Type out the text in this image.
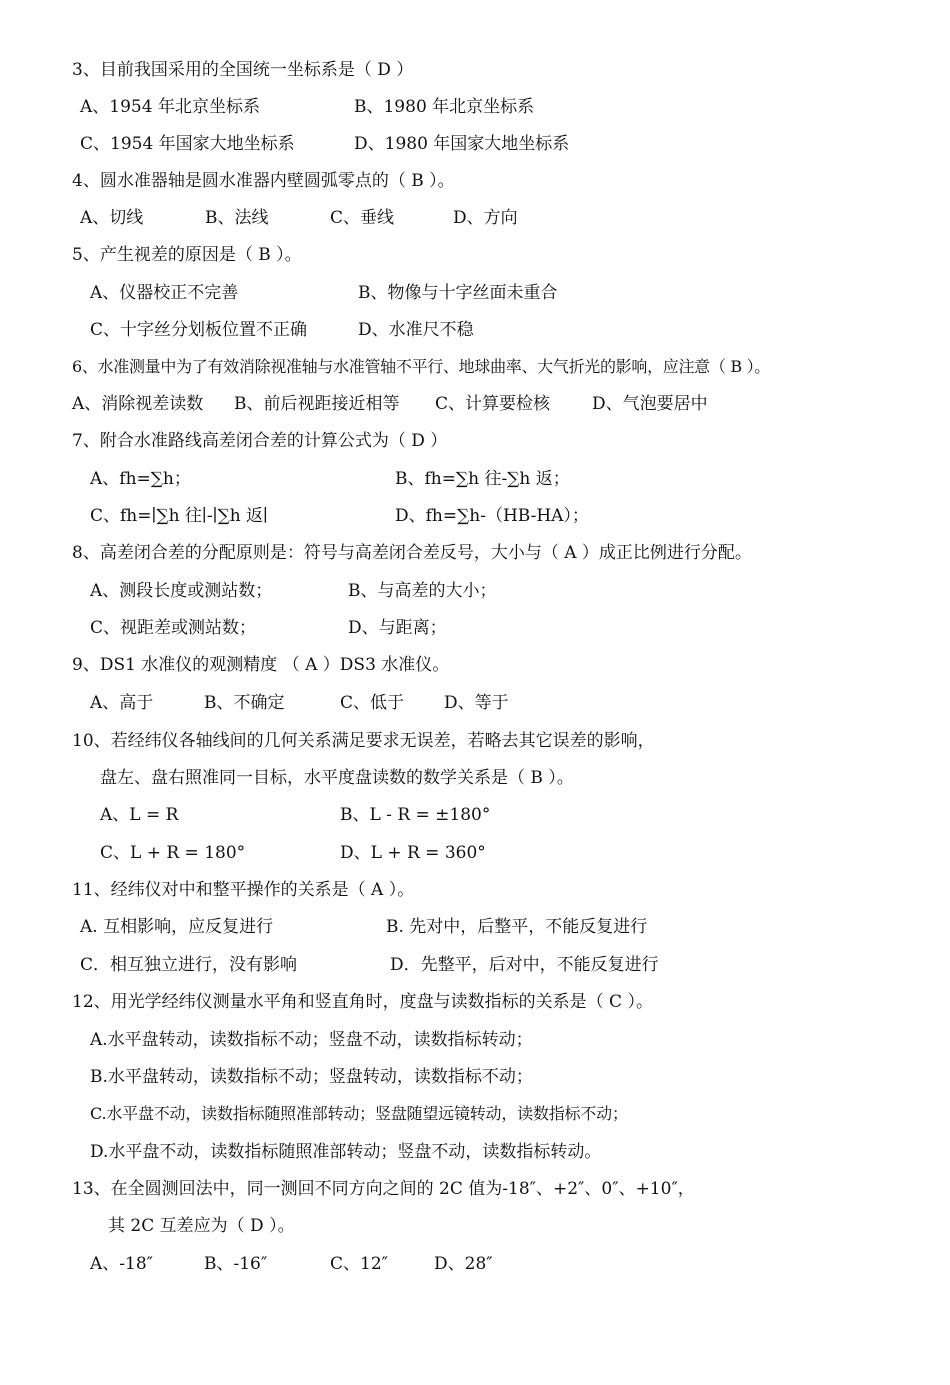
3、目前我国采用的全国统一坐标系是（ D ）

A、1954 年北京坐标系

	B、1980 年北京坐标系

C、1954 年国家大地坐标系

	D、1980 年国家大地坐标系

4、圆水准器轴是圆水准器内壁圆弧零点的（ B ）。

A、切线

	B、法线

	C、垂线

	D、方向

5、产生视差的原因是（ B ）。

A、仪器校正不完善

	B、物像与十字丝面未重合

C、十字丝分划板位置不正确

	D、水准尺不稳

6、水准测量中为了有效消除视准轴与水准管轴不平行、地球曲率、大气折光的影响，应注意（ B ）。

A、消除视差读数

B、前后视距接近相等

C、计算要检核

D、气泡要居中

7、附合水准路线高差闭合差的计算公式为（ D ）

A、fh=∑h；

	B、fh=∑h 往-∑h 返；

C、fh=∣∑h 往∣-∣∑h 返∣

	D、fh=∑h-（HB-HA）；

8、高差闭合差的分配原则是：符号与高差闭合差反号，大小与（ A ）成正比例进行分配。

A、测段长度或测站数；

	B、与高差的大小；

C、视距差或测站数；

	D、与距离；

9、DS1 水准仪的观测精度 （ A ）DS3 水准仪。

A、高于

	B、不确定

	C、低于

D、等于

10、若经纬仪各轴线间的几何关系满足要求无误差，若略去其它误差的影响，
盘左、盘右照准同一目标，水平度盘读数的数学关系是（ B ）。

A、L = R

	B、L - R = ±180°

C、L + R = 180°

	D、L + R = 360°

11、经纬仪对中和整平操作的关系是（ A ）。

A. 互相影响，应反复进行

	B. 先对中，后整平，不能反复进行

C．相互独立进行，没有影响

	D．先整平，后对中，不能反复进行

12、用光学经纬仪测量水平角和竖直角时，度盘与读数指标的关系是（ C ）。
A.水平盘转动，读数指标不动；竖盘不动，读数指标转动；
B.水平盘转动，读数指标不动；竖盘转动，读数指标不动；
C.水平盘不动，读数指标随照准部转动；竖盘随望远镜转动，读数指标不动；
D.水平盘不动，读数指标随照准部转动；竖盘不动，读数指标转动。
13、在全圆测回法中，同一测回不同方向之间的 2C 值为-18″、+2″、0″、+10″，
其 2C 互差应为（ D ）。

A、-18″

	B、-16″

	C、12″

	D、28″
